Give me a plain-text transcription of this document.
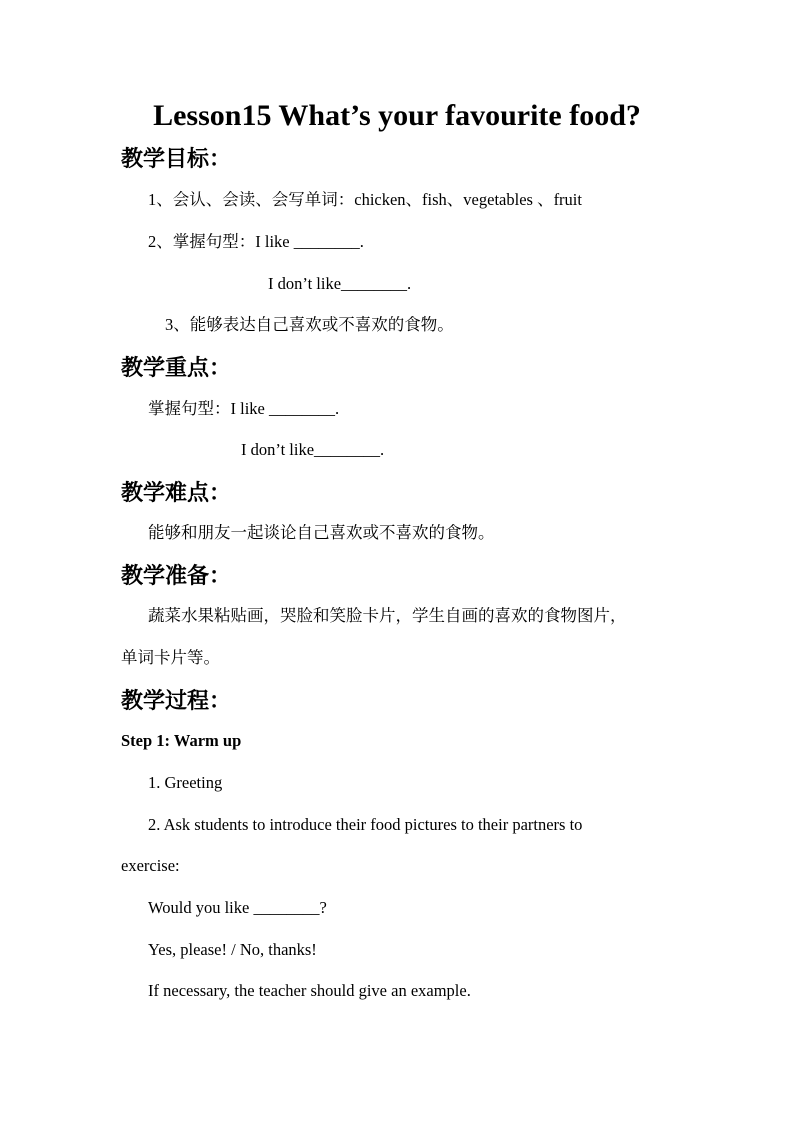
Lesson15 What’s your favourite food?
教学目标：
1、会认、会读、会写单词：chicken、fish、vegetables 、fruit
2、掌握句型：I like ________.
I don’t like________.
3、能够表达自己喜欢或不喜欢的食物。
教学重点：
掌握句型：I like ________.
I don’t like________.
教学难点：
能够和朋友一起谈论自己喜欢或不喜欢的食物。
教学准备：
蔬菜水果粘贴画，哭脸和笑脸卡片，学生自画的喜欢的食物图片，
单词卡片等。
教学过程：
Step 1: Warm up
1. Greeting
2. Ask students to introduce their food pictures to their partners to
exercise:
Would you like ________?
Yes, please! / No, thanks!
If necessary, the teacher should give an example.
